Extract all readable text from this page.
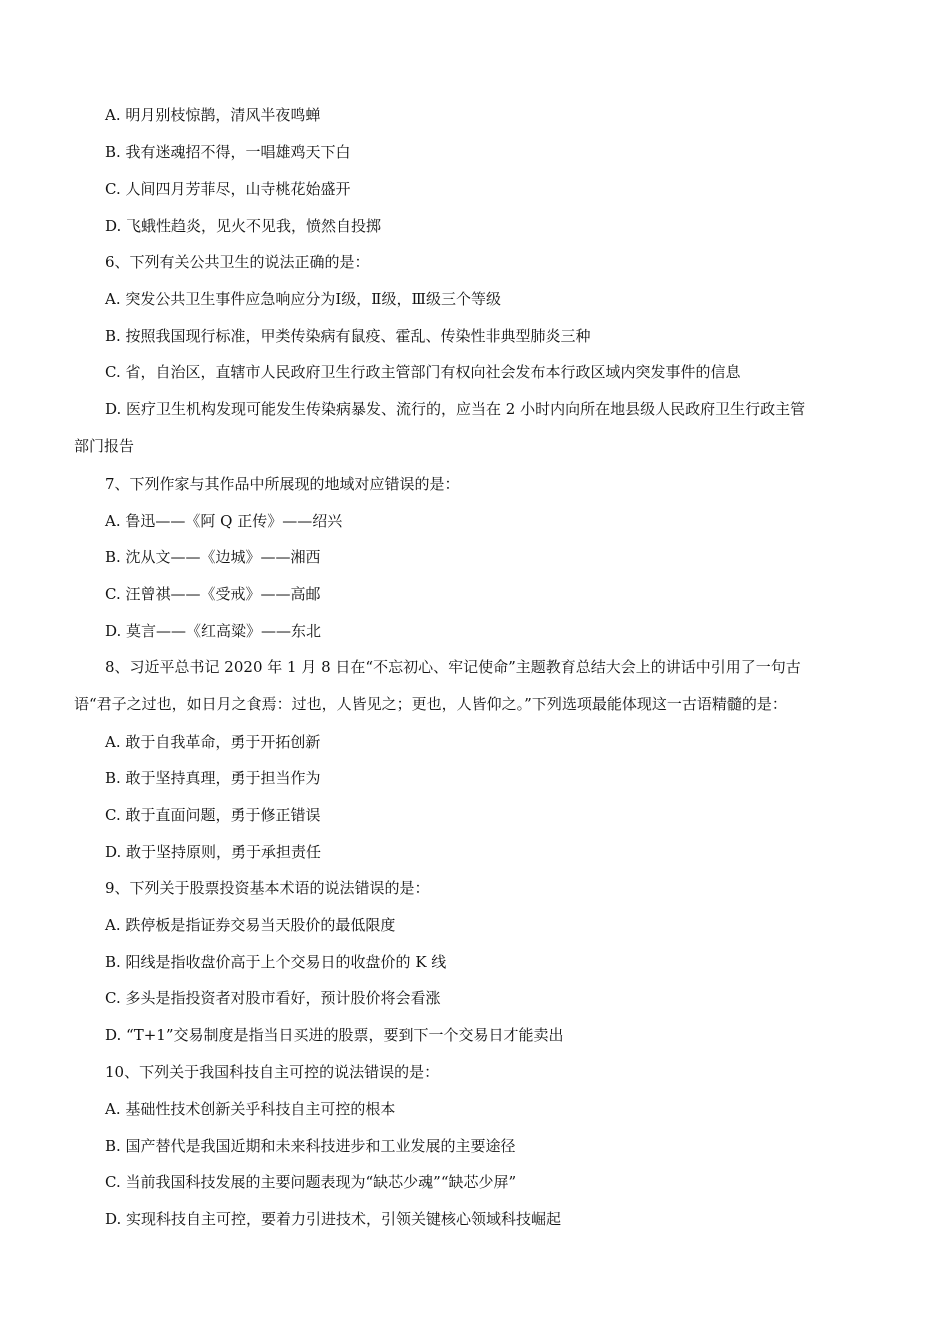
A. 明月别枝惊鹊，清风半夜鸣蝉
B. 我有迷魂招不得，一唱雄鸡天下白
C. 人间四月芳菲尽，山寺桃花始盛开
D. 飞蛾性趋炎，见火不见我，愤然自投掷
6、下列有关公共卫生的说法正确的是：
A. 突发公共卫生事件应急响应分为Ⅰ级，Ⅱ级，Ⅲ级三个等级
B. 按照我国现行标准，甲类传染病有鼠疫、霍乱、传染性非典型肺炎三种
C. 省，自治区，直辖市人民政府卫生行政主管部门有权向社会发布本行政区域内突发事件的信息
D. 医疗卫生机构发现可能发生传染病暴发、流行的，应当在 2 小时内向所在地县级人民政府卫生行政主管
部门报告
7、下列作家与其作品中所展现的地域对应错误的是：
A. 鲁迅——《阿 Q 正传》——绍兴
B. 沈从文——《边城》——湘西
C. 汪曾祺——《受戒》——高邮
D. 莫言——《红高粱》——东北
8、习近平总书记 2020 年 1 月 8 日在“不忘初心、牢记使命”主题教育总结大会上的讲话中引用了一句古
语“君子之过也，如日月之食焉：过也，人皆见之；更也，人皆仰之。”下列选项最能体现这一古语精髓的是：
A. 敢于自我革命，勇于开拓创新
B. 敢于坚持真理，勇于担当作为
C. 敢于直面问题，勇于修正错误
D. 敢于坚持原则，勇于承担责任
9、下列关于股票投资基本术语的说法错误的是：
A. 跌停板是指证券交易当天股价的最低限度
B. 阳线是指收盘价高于上个交易日的收盘价的 K 线
C. 多头是指投资者对股市看好，预计股价将会看涨
D. “T+1”交易制度是指当日买进的股票，要到下一个交易日才能卖出
10、下列关于我国科技自主可控的说法错误的是：
A. 基础性技术创新关乎科技自主可控的根本
B. 国产替代是我国近期和未来科技进步和工业发展的主要途径
C. 当前我国科技发展的主要问题表现为“缺芯少魂”“缺芯少屏”
D. 实现科技自主可控，要着力引进技术，引领关键核心领域科技崛起
